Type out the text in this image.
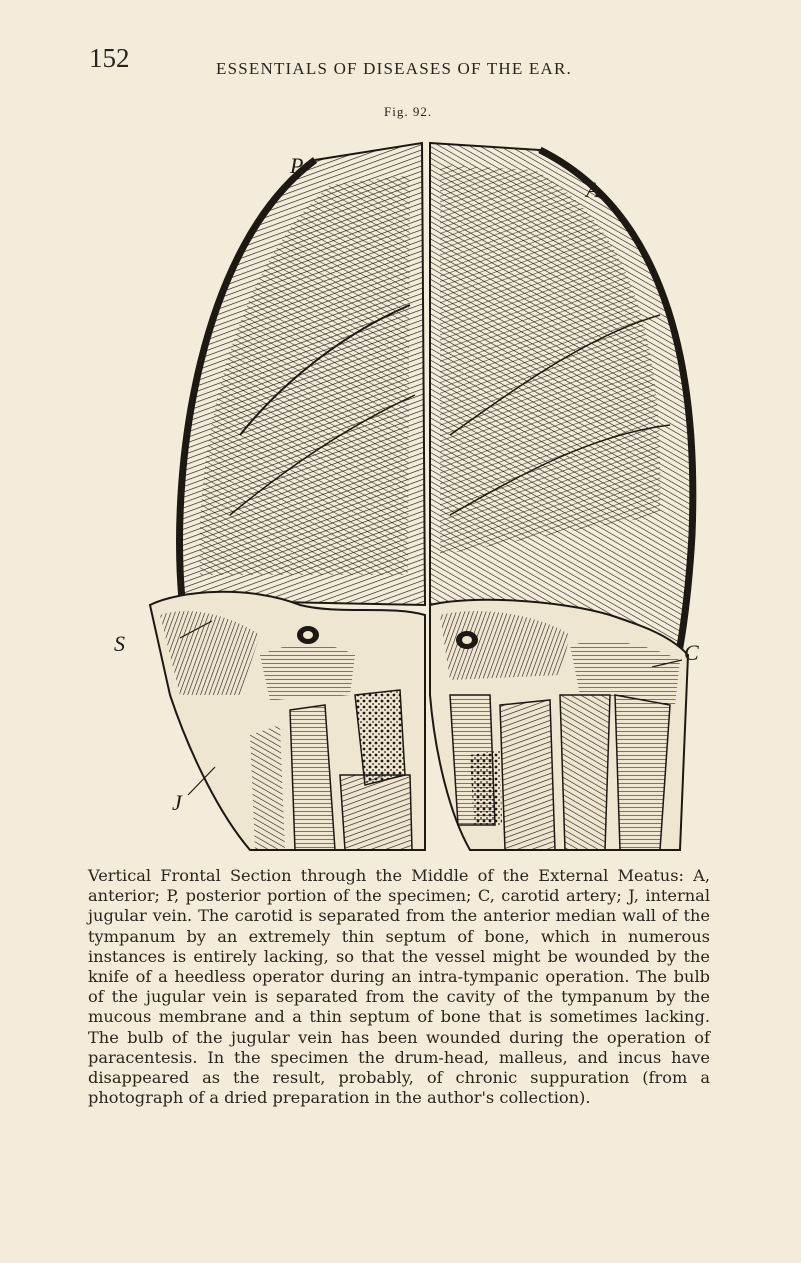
152	ESSENTIALS OF DISEASES OF THE EAR.
Fig. 92.
P
A
S	C
J

Vertical Frontal Section through the Middle of the External Meatus: A, anterior; P, posterior portion of the specimen; C, carotid artery; J, internal jugular vein. The carotid is separated from the anterior median wall of the tympanum by an extremely thin septum of bone, which in numerous instances is entirely lacking, so that the vessel might be wounded by the knife of a heedless operator during an intra-tympanic operation. The bulb of the jugular vein is separated from the cavity of the tympanum by the mucous membrane and a thin septum of bone that is sometimes lacking. The bulb of the jugular vein has been wounded during the operation of paracentesis. In the specimen the drum-head, malleus, and incus have disappeared as the result, probably, of chronic suppuration (from a photograph of a dried preparation in the author's collection).
